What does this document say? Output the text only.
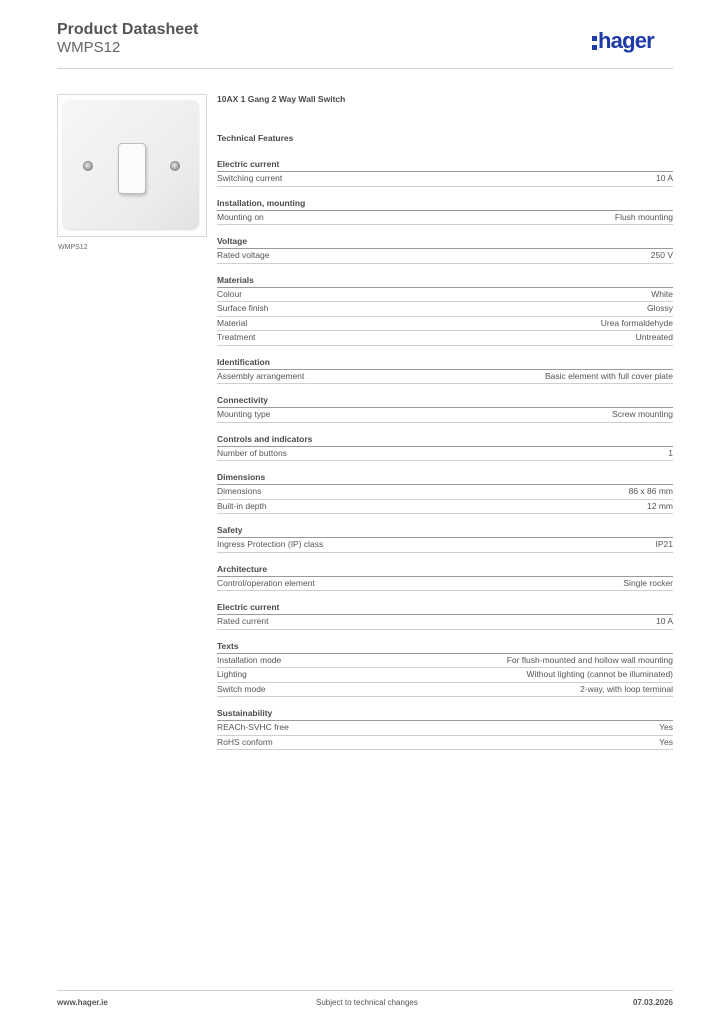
Product Datasheet
WMPS12	hager
WMPS12
10AX 1 Gang 2 Way Wall Switch
Technical Features
Electric current
Switching current	10 A
Installation, mounting
Mounting on	Flush mounting
Voltage
Rated voltage	250 V
Materials
Colour	White
Surface finish	Glossy
Material	Urea formaldehyde
Treatment	Untreated
Identification
Assembly arrangement	Basic element with full cover plate
Connectivity
Mounting type	Screw mounting
Controls and indicators
Number of buttons	1
Dimensions
Dimensions	86 x 86 mm
Built-in depth	12 mm
Safety
Ingress Protection (IP) class	IP21
Architecture
Control/operation element	Single rocker
Electric current
Rated current	10 A
Texts
Installation mode	For flush-mounted and hollow wall mounting
Lighting	Without lighting (cannot be illuminated)
Switch mode	2-way, with loop terminal
Sustainability
REACh-SVHC free	Yes
RoHS conform	Yes
www.hager.ie	Subject to technical changes	07.03.2026
